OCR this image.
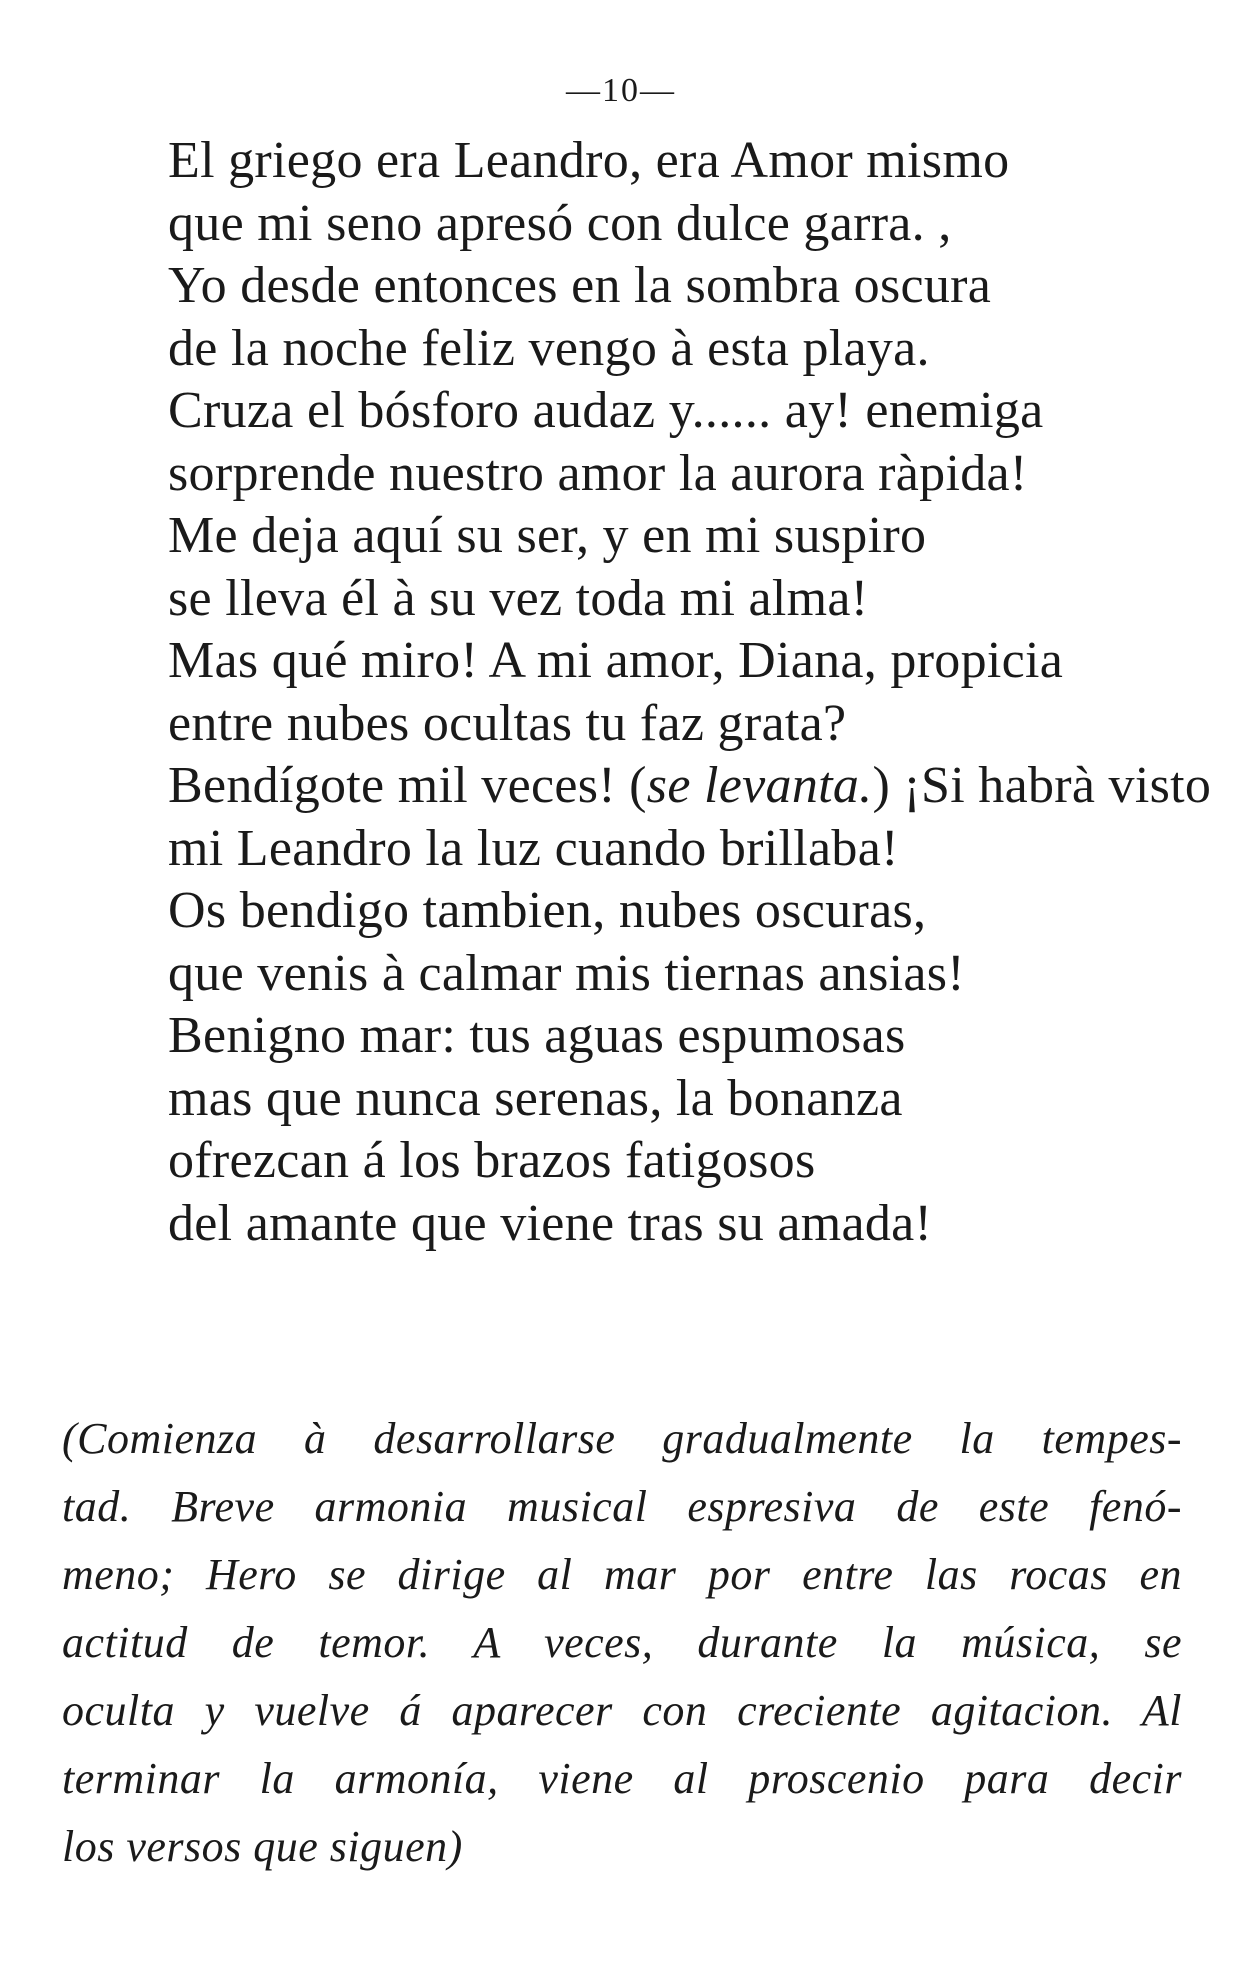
—10—
El griego era Leandro, era Amor mismo
que mi seno apresó con dulce garra. ,
Yo desde entonces en la sombra oscura
de la noche feliz vengo à esta playa.
Cruza el bósforo audaz y...... ay! enemiga
sorprende nuestro amor la aurora ràpida!
Me deja aquí su ser, y en mi suspiro
se lleva él à su vez toda mi alma!
Mas qué miro! A mi amor, Diana, propicia
entre nubes ocultas tu faz grata?
Bendígote mil veces! (se levanta.) ¡Si habrà visto
mi Leandro la luz cuando brillaba!
Os bendigo tambien, nubes oscuras,
que venis à calmar mis tiernas ansias!
Benigno mar: tus aguas espumosas
mas que nunca serenas, la bonanza
ofrezcan á los brazos fatigosos
del amante que viene tras su amada!
(Comienza à desarrollarse gradualmente la tempes-
tad. Breve armonia musical espresiva de este fenó-
meno; Hero se dirige al mar por entre las rocas en
actitud de temor. A veces, durante la música, se
oculta y vuelve á aparecer con creciente agitacion. Al
terminar la armonía, viene al proscenio para decir
los versos que siguen)
